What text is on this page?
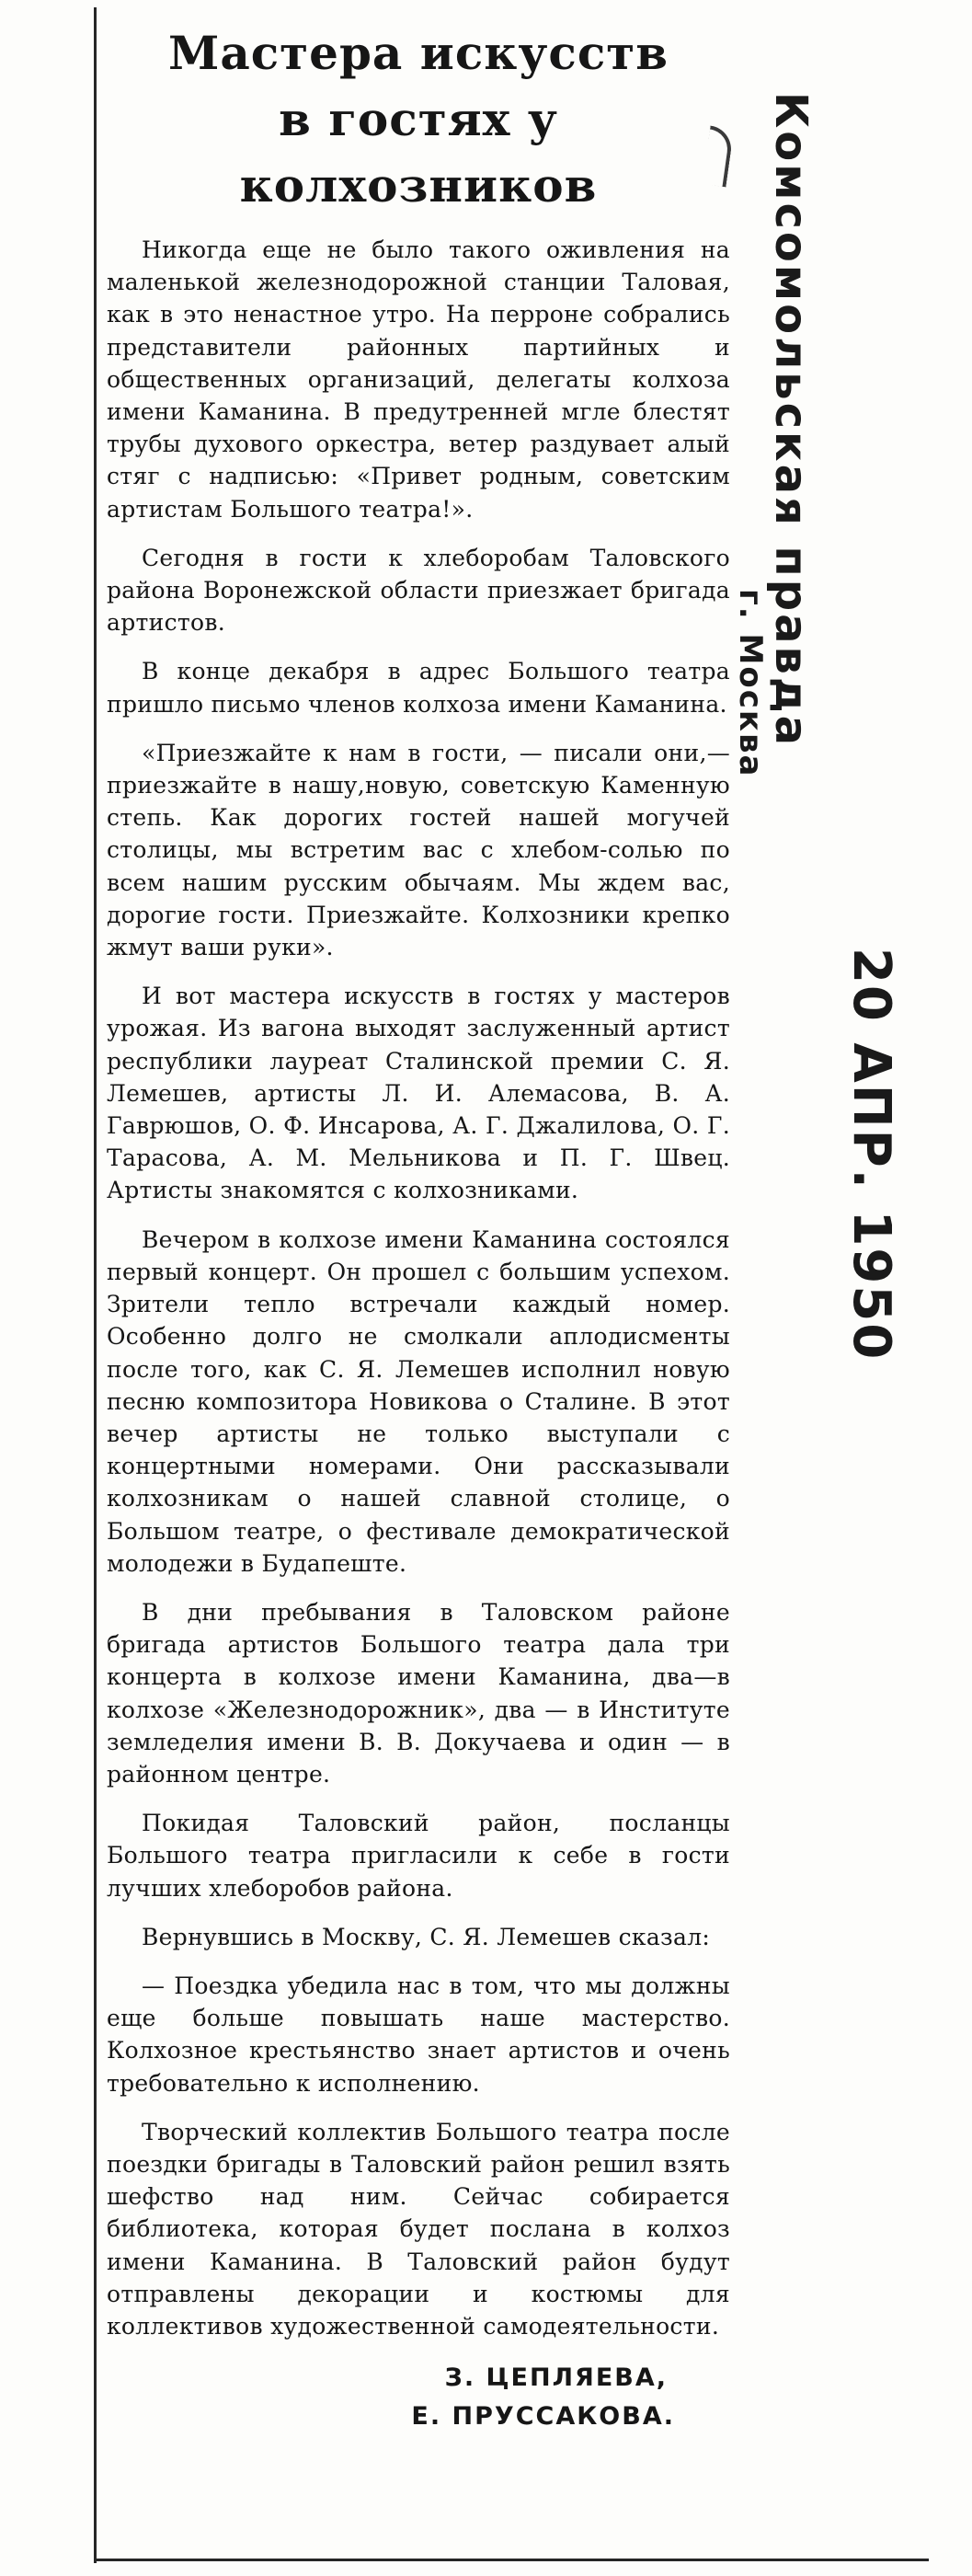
Мастера искусств
в гостях у колхозников

Никогда еще не было такого оживления на маленькой железнодорожной станции Таловая, как в это ненастное утро. На перроне собрались представители районных партийных и общественных организаций, делегаты колхоза имени Каманина. В предутренней мгле блестят трубы духового оркестра, ветер раздувает алый стяг с надписью: «Привет родным, советским артистам Большого театра!».

Сегодня в гости к хлеборобам Таловского района Воронежской области приезжает бригада артистов.

В конце декабря в адрес Большого театра пришло письмо членов колхоза имени Каманина.

«Приезжайте к нам в гости, — писали они,—приезжайте в нашу,новую, советскую Каменную степь. Как дорогих гостей нашей могучей столицы, мы встретим вас с хлебом-солью по всем нашим русским обычаям. Мы ждем вас, дорогие гости. Приезжайте. Колхозники крепко жмут ваши руки».

И вот мастера искусств в гостях у мастеров урожая. Из вагона выходят заслуженный артист республики лауреат Сталинской премии С. Я. Лемешев, артисты Л. И. Алемасова, В. А. Гаврюшов, О. Ф. Инсарова, А. Г. Джалилова, О. Г. Тарасова, А. М. Мельникова и П. Г. Швец. Артисты знакомятся с колхозниками.

Вечером в колхозе имени Каманина состоялся первый концерт. Он прошел с большим успехом. Зрители тепло встречали каждый номер. Особенно долго не смолкали аплодисменты после того, как С. Я. Лемешев исполнил новую песню композитора Новикова о Сталине. В этот вечер артисты не только выступали с концертными номерами. Они рассказывали колхозникам о нашей славной столице, о Большом театре, о фестивале демократической молодежи в Будапеште.

В дни пребывания в Таловском районе бригада артистов Большого театра дала три концерта в колхозе имени Каманина, два—в колхозе «Железнодорожник», два — в Институте земледелия имени В. В. Докучаева и один — в районном центре.

Покидая Таловский район, посланцы Большого театра пригласили к себе в гости лучших хлеборобов района.

Вернувшись в Москву, С. Я. Лемешев сказал:

— Поездка убедила нас в том, что мы должны еще больше повышать наше мастерство. Колхозное крестьянство знает артистов и очень требовательно к исполнению.

Творческий коллектив Большого театра после поездки бригады в Таловский район решил взять шефство над ним. Сейчас собирается библиотека, которая будет послана в колхоз имени Каманина. В Таловский район будут отправлены декорации и костюмы для коллективов художественной самодеятельности.

З. ЦЕПЛЯЕВА,
Е. ПРУССАКОВА.
Комсомольская правда
г. Москва
20 АПР. 1950
